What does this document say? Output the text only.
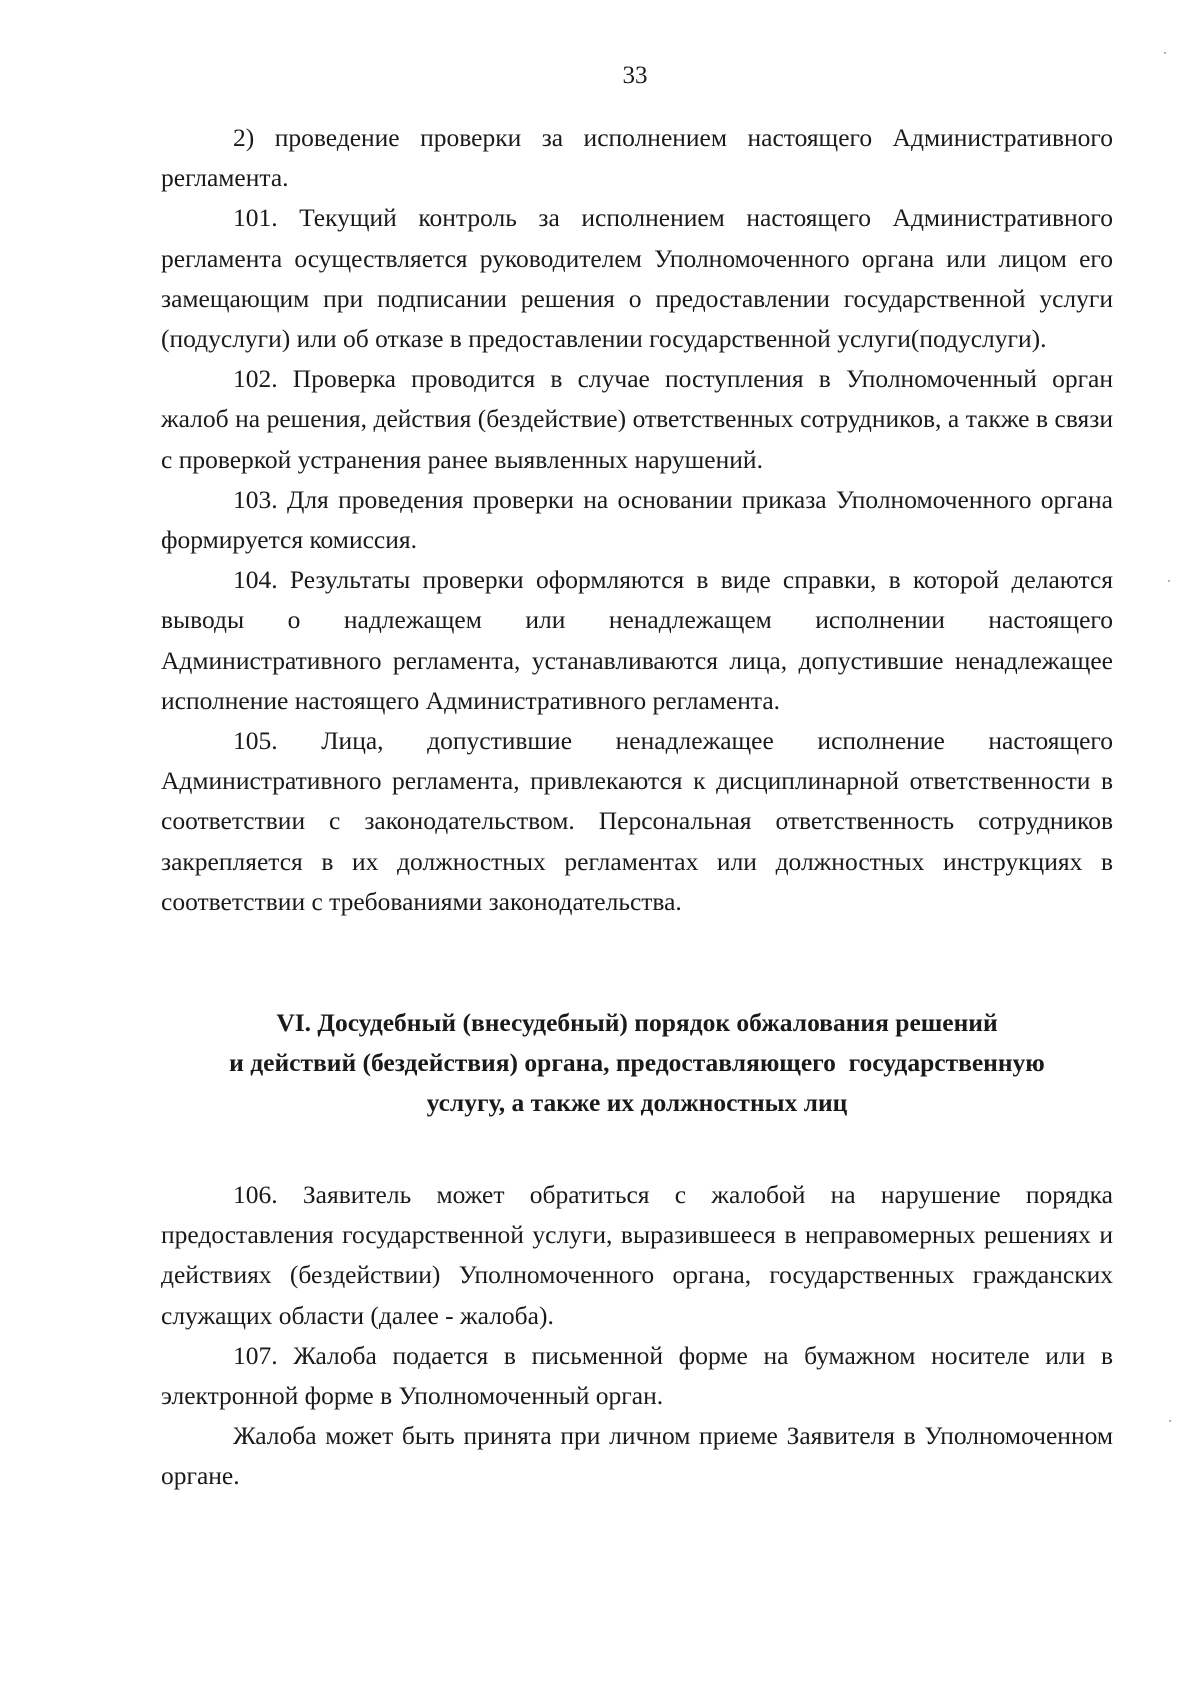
33

2) проведение проверки за исполнением настоящего Административного регламента.

101. Текущий контроль за исполнением настоящего Административного регламента осуществляется руководителем Уполномоченного органа или лицом его замещающим при подписании решения о предоставлении государственной услуги (подуслуги) или об отказе в предоставлении государственной услуги(подуслуги).

102. Проверка проводится в случае поступления в Уполномоченный орган жалоб на решения, действия (бездействие) ответственных сотрудников, а также в связи с проверкой устранения ранее выявленных нарушений.

103. Для проведения проверки на основании приказа Уполномоченного органа формируется комиссия.

104. Результаты проверки оформляются в виде справки, в которой делаются выводы о надлежащем или ненадлежащем исполнении настоящего Административного регламента, устанавливаются лица, допустившие ненадлежащее исполнение настоящего Административного регламента.

105. Лица, допустившие ненадлежащее исполнение настоящего Административного регламента, привлекаются к дисциплинарной ответственности в соответствии с законодательством. Персональная ответственность сотрудников закрепляется в их должностных регламентах или должностных инструкциях в соответствии с требованиями законодательства.

VI. Досудебный (внесудебный) порядок обжалования решений
и действий (бездействия) органа, предоставляющего  государственную
услугу, а также их должностных лиц

106. Заявитель может обратиться с жалобой на нарушение порядка предоставления государственной услуги, выразившееся в неправомерных решениях и действиях (бездействии) Уполномоченного органа, государственных гражданских служащих области (далее - жалоба).

107. Жалоба подается в письменной форме на бумажном носителе или в электронной форме в Уполномоченный орган.

Жалоба может быть принята при личном приеме Заявителя в Уполномоченном органе.
